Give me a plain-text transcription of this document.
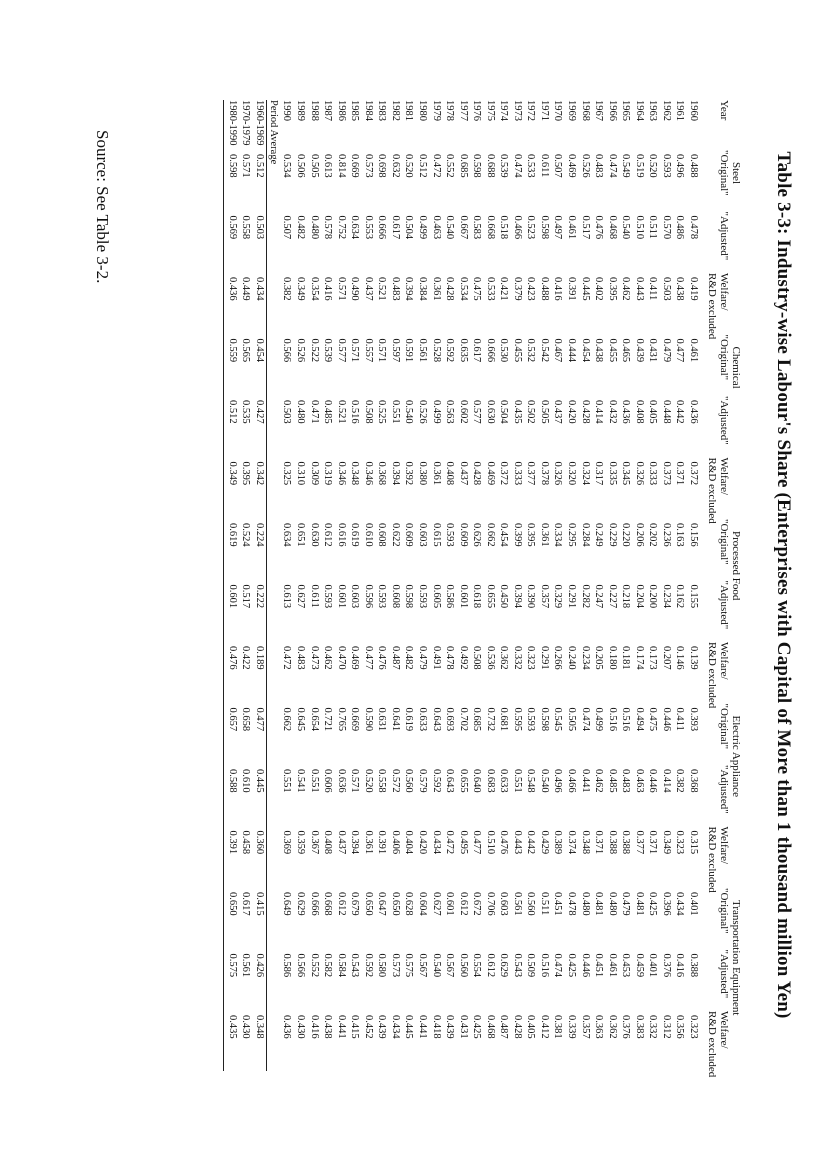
Table 3-3: Industry-wise Labour's Share (Enterprises with Capital of More than 1 thousand million Yen)
Year
Steel
Chemical
Processed Food
Electric Appliance
Transportation Equipment
"Original"
"Adjusted"
Welfare/
R&D excluded
"Original"
"Adjusted"
Welfare/
R&D excluded
"Original"
"Adjusted"
Welfare/
R&D excluded
"Original"
"Adjusted"
Welfare/
R&D excluded
"Original"
"Adjusted"
Welfare/
R&D excluded
1960
0.488
0.478
0.419
0.461
0.436
0.372
0.156
0.155
0.139
0.393
0.368
0.315
0.401
0.388
0.323
1961
0.496
0.486
0.438
0.477
0.442
0.371
0.163
0.162
0.146
0.411
0.382
0.323
0.434
0.416
0.356
1962
0.593
0.570
0.503
0.479
0.448
0.373
0.236
0.234
0.207
0.446
0.414
0.349
0.396
0.376
0.312
1963
0.520
0.511
0.411
0.431
0.405
0.333
0.202
0.200
0.173
0.475
0.446
0.371
0.425
0.401
0.332
1964
0.519
0.510
0.443
0.439
0.408
0.326
0.206
0.204
0.174
0.494
0.463
0.377
0.481
0.459
0.383
1965
0.549
0.540
0.462
0.465
0.436
0.345
0.220
0.218
0.181
0.516
0.483
0.388
0.479
0.453
0.376
1966
0.474
0.468
0.395
0.455
0.432
0.335
0.229
0.227
0.180
0.516
0.485
0.388
0.480
0.461
0.362
1967
0.483
0.476
0.402
0.438
0.414
0.317
0.249
0.247
0.205
0.499
0.462
0.371
0.481
0.451
0.363
1968
0.526
0.517
0.445
0.454
0.428
0.324
0.284
0.282
0.234
0.474
0.441
0.348
0.480
0.446
0.357
1969
0.469
0.461
0.391
0.444
0.420
0.320
0.295
0.291
0.240
0.505
0.466
0.374
0.478
0.425
0.339
1970
0.507
0.497
0.416
0.467
0.437
0.326
0.334
0.329
0.266
0.545
0.496
0.389
0.451
0.474
0.381
1971
0.611
0.598
0.488
0.542
0.505
0.378
0.361
0.357
0.291
0.598
0.540
0.429
0.511
0.516
0.412
1972
0.533
0.523
0.423
0.532
0.502
0.377
0.395
0.390
0.323
0.593
0.548
0.442
0.560
0.509
0.405
1973
0.474
0.466
0.379
0.455
0.435
0.333
0.399
0.394
0.332
0.595
0.551
0.443
0.561
0.543
0.428
1974
0.539
0.518
0.421
0.530
0.504
0.372
0.454
0.450
0.362
0.681
0.633
0.476
0.603
0.629
0.487
1975
0.688
0.668
0.533
0.666
0.630
0.469
0.662
0.655
0.536
0.732
0.683
0.510
0.706
0.612
0.468
1976
0.598
0.583
0.475
0.617
0.577
0.428
0.626
0.618
0.508
0.685
0.640
0.477
0.672
0.554
0.425
1977
0.685
0.667
0.534
0.635
0.602
0.437
0.609
0.601
0.492
0.702
0.655
0.495
0.612
0.560
0.431
1978
0.552
0.540
0.428
0.592
0.563
0.408
0.593
0.586
0.478
0.693
0.643
0.472
0.601
0.567
0.439
1979
0.472
0.463
0.361
0.528
0.499
0.361
0.615
0.605
0.491
0.643
0.592
0.434
0.627
0.540
0.418
1980
0.512
0.499
0.384
0.561
0.526
0.380
0.603
0.593
0.479
0.633
0.579
0.420
0.604
0.567
0.441
1981
0.520
0.504
0.394
0.591
0.540
0.392
0.609
0.598
0.482
0.619
0.560
0.404
0.628
0.575
0.445
1982
0.632
0.617
0.483
0.597
0.551
0.394
0.622
0.608
0.487
0.641
0.572
0.406
0.650
0.573
0.434
1983
0.698
0.666
0.521
0.571
0.525
0.368
0.608
0.593
0.476
0.631
0.558
0.391
0.647
0.580
0.439
1984
0.573
0.553
0.437
0.557
0.508
0.346
0.610
0.596
0.477
0.590
0.520
0.361
0.650
0.592
0.452
1985
0.669
0.634
0.490
0.571
0.516
0.348
0.619
0.603
0.469
0.669
0.571
0.394
0.679
0.543
0.415
1986
0.814
0.752
0.571
0.577
0.521
0.346
0.616
0.601
0.470
0.765
0.636
0.437
0.612
0.584
0.441
1987
0.613
0.578
0.416
0.539
0.485
0.319
0.612
0.593
0.462
0.721
0.606
0.408
0.668
0.582
0.438
1988
0.505
0.480
0.354
0.522
0.471
0.309
0.630
0.611
0.473
0.654
0.551
0.367
0.666
0.552
0.416
1989
0.506
0.482
0.349
0.526
0.480
0.310
0.651
0.627
0.483
0.645
0.541
0.359
0.629
0.566
0.430
1990
0.534
0.507
0.382
0.566
0.503
0.325
0.634
0.613
0.472
0.662
0.551
0.369
0.649
0.586
0.436
Period Average
1960-1969
0.512
0.503
0.434
0.454
0.427
0.342
0.224
0.222
0.189
0.477
0.445
0.360
0.415
0.426
0.348
1970-1979
0.571
0.558
0.449
0.565
0.535
0.395
0.524
0.517
0.422
0.658
0.610
0.458
0.617
0.561
0.430
1980-1990
0.598
0.569
0.436
0.559
0.512
0.349
0.619
0.601
0.476
0.657
0.588
0.391
0.650
0.575
0.435
Source: See Table 3-2.
